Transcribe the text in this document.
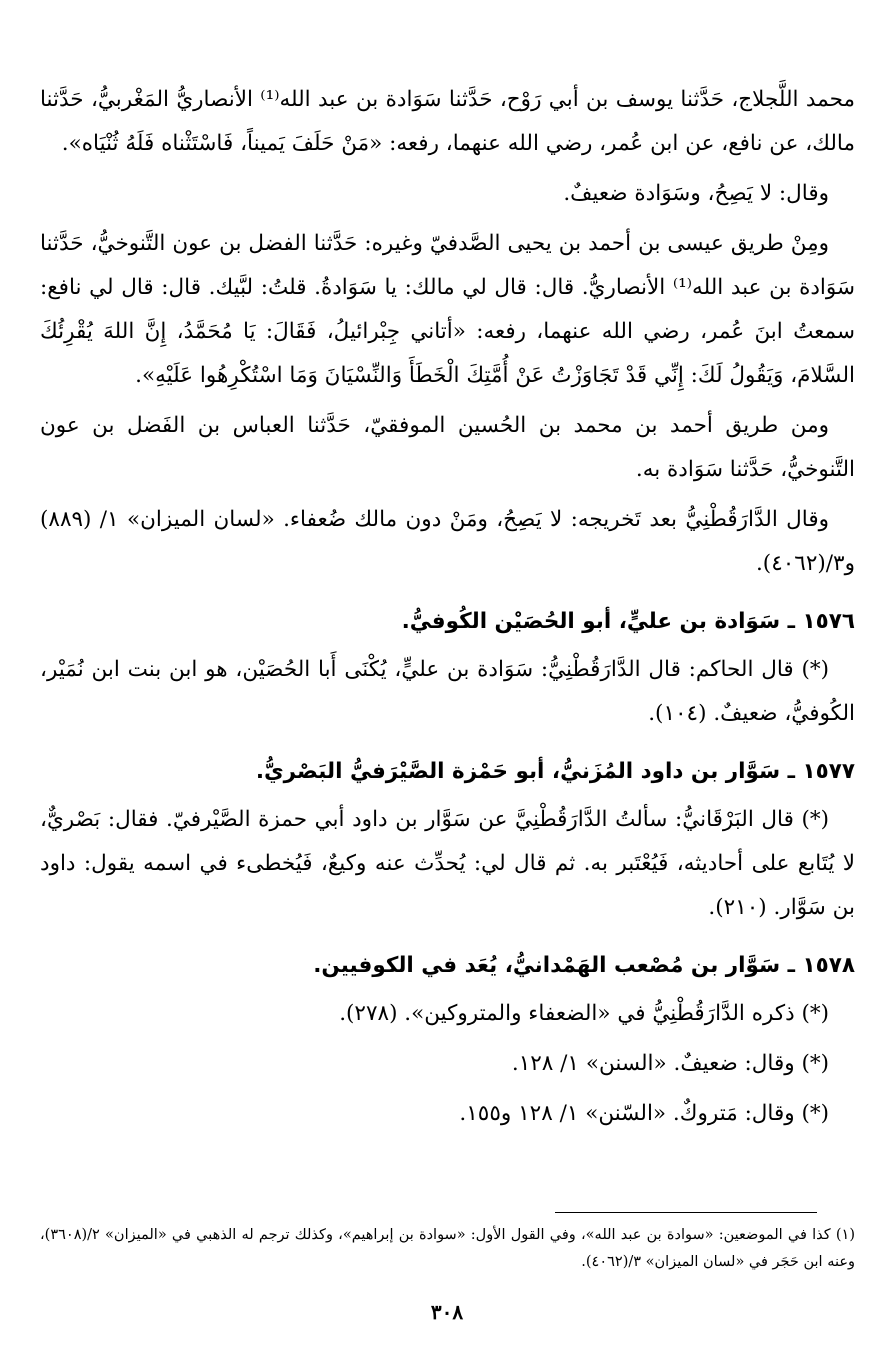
محمد اللَّجلاج، حَدَّثنا يوسف بن أبي رَوْح، حَدَّثنا سَوَادة بن عبد الله⁽¹⁾ الأنصاريُّ المَغْربيُّ، حَدَّثنا مالك، عن نافع، عن ابن عُمر، رضي الله عنهما، رفعه: «مَنْ حَلَفَ يَميناً، فَاسْتَثْناه فَلَهُ ثُنْيَاه».

وقال: لا يَصِحُ، وسَوَادة ضعيفٌ.

ومِنْ طريق عيسى بن أحمد بن يحيى الصَّدفيّ وغيره: حَدَّثنا الفضل بن عون التَّنوخيُّ، حَدَّثنا سَوَادة بن عبد الله⁽¹⁾ الأنصاريُّ. قال: قال لي مالك: يا سَوَادةُ. قلتُ: لبَّيك. قال: قال لي نافع: سمعتُ ابنَ عُمر، رضي الله عنهما، رفعه: «أتاني جِبْرائيلُ، فَقَالَ: يَا مُحَمَّدُ، إِنَّ اللهَ يُقْرِئُكَ السَّلامَ، وَيَقُولُ لَكَ: إِنِّي قَدْ تَجَاوَزْتُ عَنْ أُمَّتِكَ الْخَطَأَ وَالنِّسْيَانَ وَمَا اسْتُكْرِهُوا عَلَيْهِ».

ومن طريق أحمد بن محمد بن الحُسين الموفقيّ، حَدَّثنا العباس بن الفَضل بن عون التَّنوخيُّ، حَدَّثنا سَوَادة به.

وقال الدَّارَقُطْنِيُّ بعد تَخريجه: لا يَصِحُ، ومَنْ دون مالك ضُعفاء. «لسان الميزان» ١/ (٨٨٩) و٣/(٤٠٦٢).

١٥٧٦ ـ سَوَادة بن عليٍّ، أبو الحُصَيْن الكُوفيُّ.

(*) قال الحاكم: قال الدَّارَقُطْنِيُّ: سَوَادة بن عليٍّ، يُكْنَى أَبا الحُصَيْن، هو ابن بنت ابن نُمَيْر، الكُوفيُّ، ضعيفٌ. (١٠٤).

١٥٧٧ ـ سَوَّار بن داود المُزَنيُّ، أبو حَمْزة الصَّيْرَفيُّ البَصْريُّ.

(*) قال البَرْقَانيُّ: سألتُ الدَّارَقُطْنِيَّ عن سَوَّار بن داود أبي حمزة الصَّيْرفيّ. فقال: بَصْريٌّ، لا يُتَابع على أحاديثه، فَيُعْتَبر به. ثم قال لي: يُحدِّث عنه وكيعٌ، فَيُخطىء في اسمه يقول: داود بن سَوَّار. (٢١٠).

١٥٧٨ ـ سَوَّار بن مُصْعب الهَمْدانيُّ، يُعَد في الكوفيين.

(*) ذكره الدَّارَقُطْنِيُّ في «الضعفاء والمتروكين». (٢٧٨).

(*) وقال: ضعيفٌ. «السنن» ١/ ١٢٨.

(*) وقال: مَتروكٌ. «السّنن» ١/ ١٢٨ و١٥٥.

(١) كذا في الموضعين: «سوادة بن عبد الله»، وفي القول الأول: «سوادة بن إبراهيم»، وكذلك ترجم له الذهبي في «الميزان» ٢/(٣٦٠٨)، وعنه ابن حَجَر في «لسان الميزان» ٣/(٤٠٦٢).
٣٠٨
